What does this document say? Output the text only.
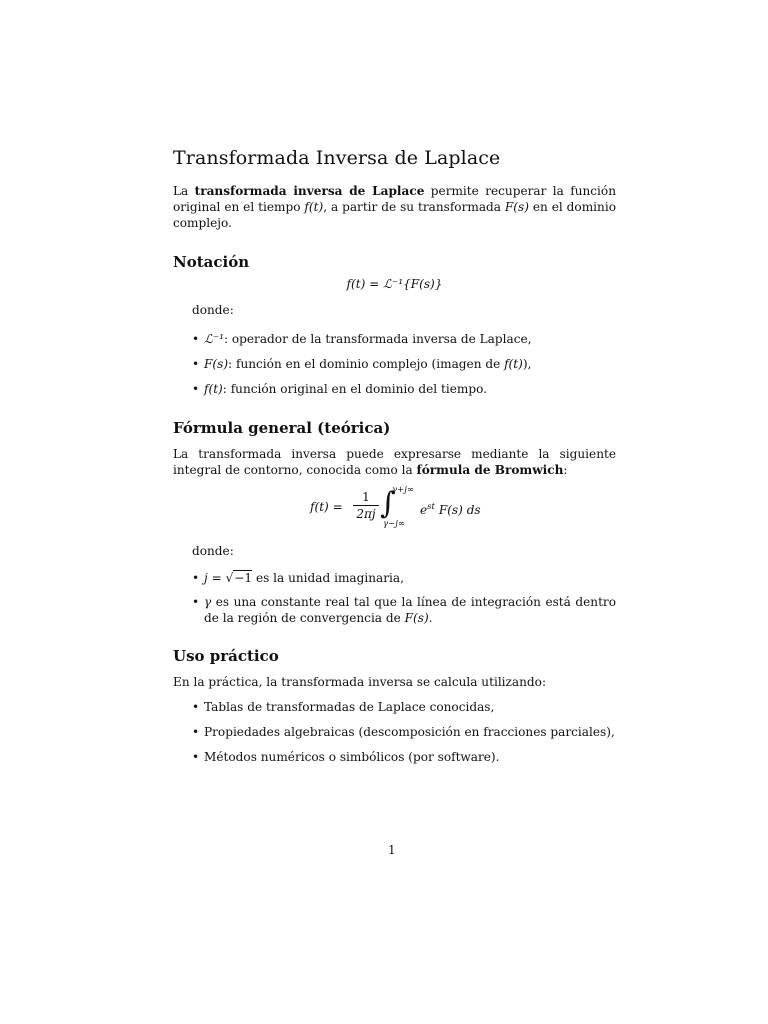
Transformada Inversa de Laplace

La transformada inversa de Laplace permite recuperar la función original en el tiempo f(t), a partir de su transformada F(s) en el dominio complejo.

Notación
f(t) = ℒ⁻¹{F(s)}

donde:

• ℒ⁻¹: operador de la transformada inversa de Laplace,
• F(s): función en el dominio complejo (imagen de f(t)),
• f(t): función original en el dominio del tiempo.
Fórmula general (teórica)

La transformada inversa puede expresarse mediante la siguiente integral de contorno, conocida como la fórmula de Bromwich:

f(t) =
1
2πj ∫
γ+j∞
γ−j∞
$e^{st}$ F(s) ds

donde:

• j = √−1 es la unidad imaginaria,
• γ es una constante real tal que la línea de integración está dentro de la región de convergencia de F(s).
Uso práctico

En la práctica, la transformada inversa se calcula utilizando:

• Tablas de transformadas de Laplace conocidas,
• Propiedades algebraicas (descomposición en fracciones parciales),
• Métodos numéricos o simbólicos (por software).
1
